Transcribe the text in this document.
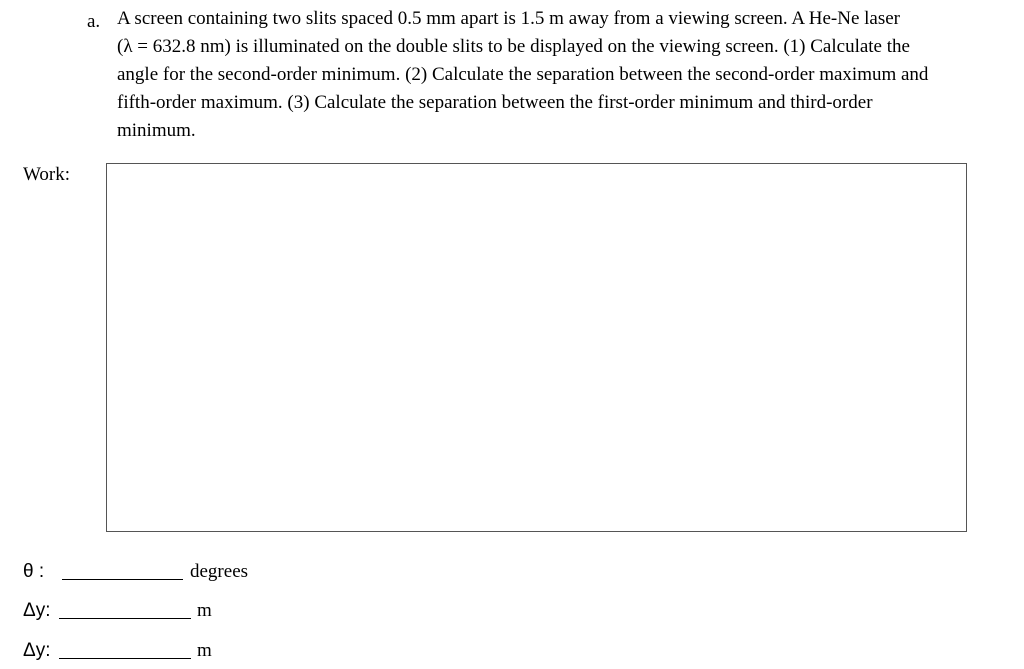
a. A screen containing two slits spaced 0.5 mm apart is 1.5 m away from a viewing screen. A He-Ne laser
(λ = 632.8 nm) is illuminated on the double slits to be displayed on the viewing screen. (1) Calculate the
angle for the second-order minimum. (2) Calculate the separation between the second-order maximum and
fifth-order maximum. (3) Calculate the separation between the first-order minimum and third-order
minimum.
Work:
θ :	degrees
Δy:	m
Δy:	m
